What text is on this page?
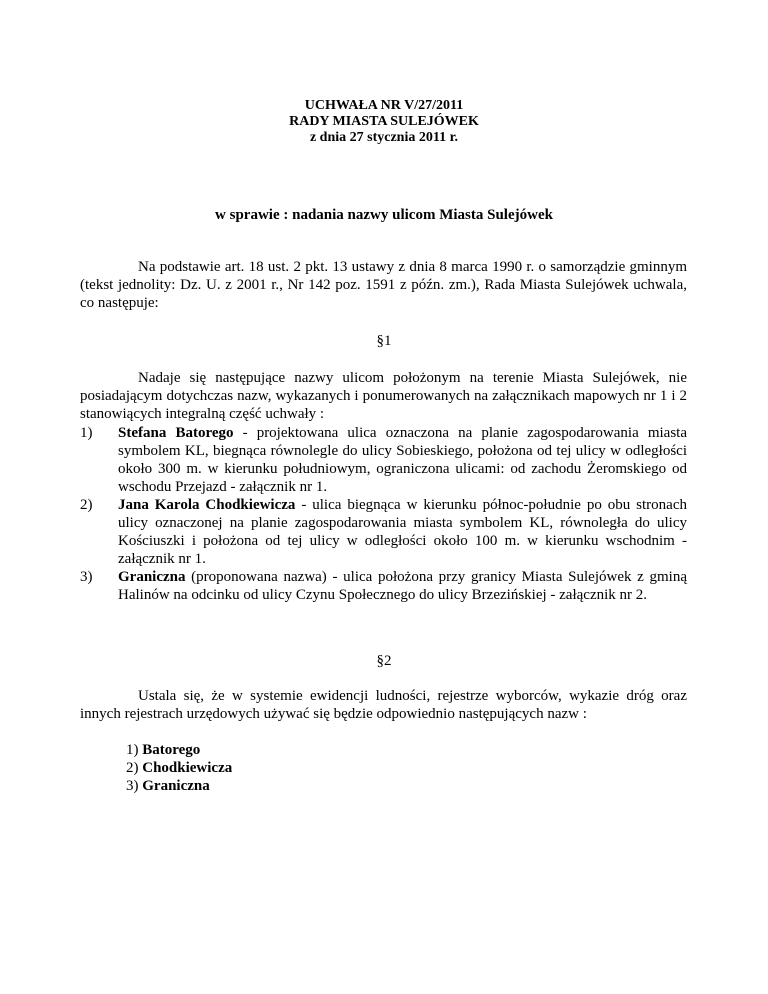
UCHWAŁA NR V/27/2011
RADY MIASTA SULEJÓWEK
z dnia 27 stycznia 2011 r.
w sprawie : nadania nazwy ulicom Miasta Sulejówek
Na podstawie art. 18 ust. 2 pkt. 13 ustawy z dnia 8 marca 1990 r. o samorządzie gminnym (tekst jednolity: Dz. U. z 2001 r., Nr 142 poz. 1591 z późn. zm.), Rada Miasta Sulejówek uchwala, co następuje:
§1
Nadaje się następujące nazwy ulicom położonym na terenie Miasta Sulejówek, nie posiadającym dotychczas nazw, wykazanych i ponumerowanych na załącznikach mapowych nr 1 i 2 stanowiących integralną część uchwały :
1) Stefana Batorego - projektowana ulica oznaczona na planie zagospodarowania miasta symbolem KL, biegnąca równolegle do ulicy Sobieskiego, położona od tej ulicy w odległości około 300 m. w kierunku południowym, ograniczona ulicami: od zachodu Żeromskiego od wschodu Przejazd - załącznik nr 1.
2) Jana Karola Chodkiewicza - ulica biegnąca w kierunku północ-południe po obu stronach ulicy oznaczonej na planie zagospodarowania miasta symbolem KL, równoległa do ulicy Kościuszki i położona od tej ulicy w odległości około 100 m. w kierunku wschodnim - załącznik nr 1.
3) Graniczna (proponowana nazwa) - ulica położona przy granicy Miasta Sulejówek z gminą Halinów na odcinku od ulicy Czynu Społecznego do ulicy Brzezińskiej - załącznik nr 2.
§2
Ustala się, że w systemie ewidencji ludności, rejestrze wyborców, wykazie dróg oraz innych rejestrach urzędowych używać się będzie odpowiednio następujących nazw :
1) Batorego
2) Chodkiewicza
3) Graniczna
